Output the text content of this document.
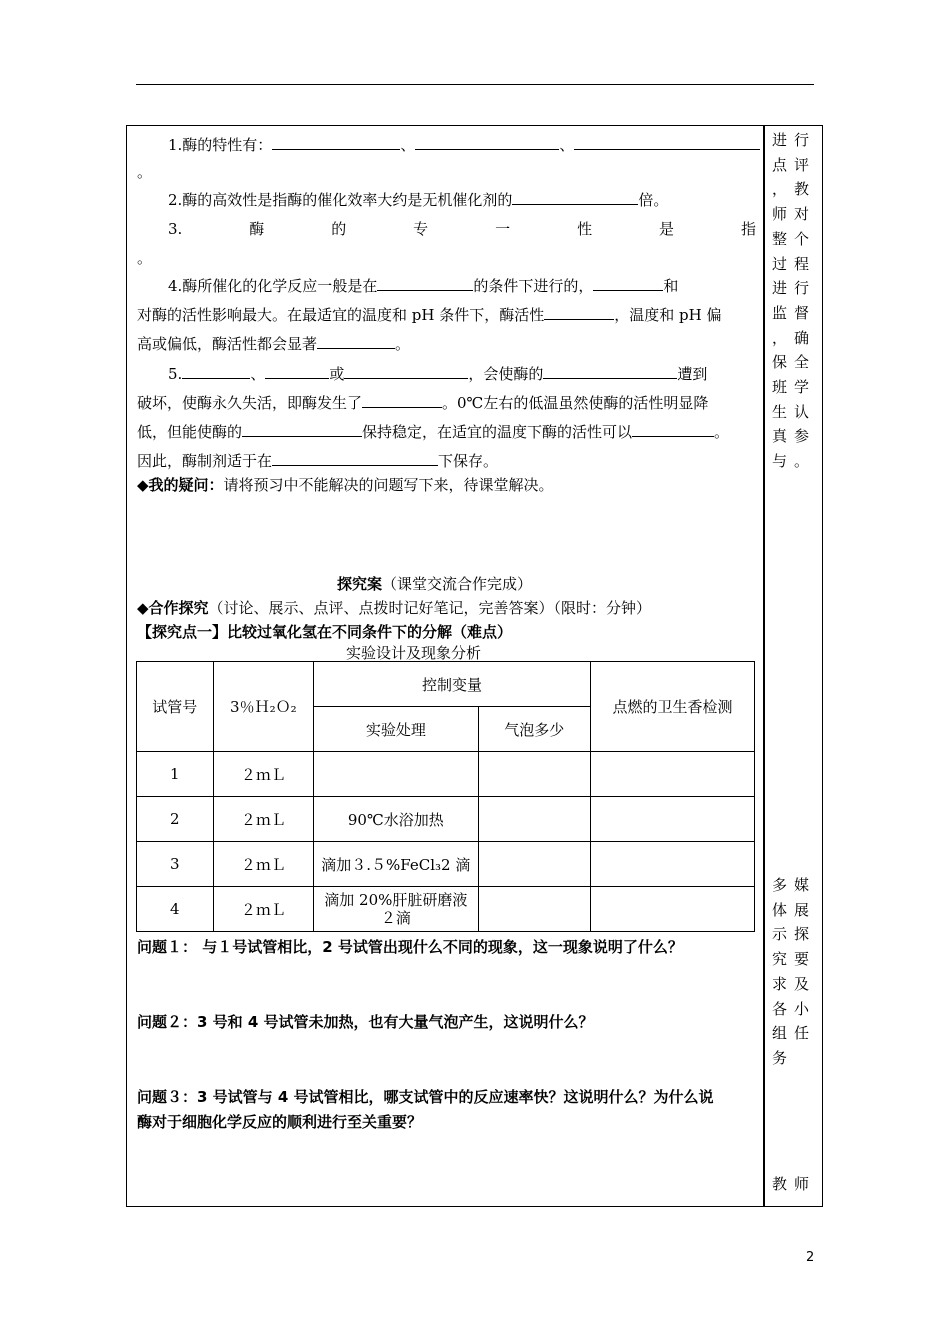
1.酶的特性有：	、	、
。
2.酶的高效性是指酶的催化效率大约是无机催化剂的	倍。
3.	酶	的	专	一	性	是	指
。
4.酶所催化的化学反应一般是在	的条件下进行的，	和
对酶的活性影响最大。在最适宜的温度和 pH 条件下，酶活性	，温度和 pH 偏
高或偏低，酶活性都会显著	。
5.	、	或	，会使酶的	遭到
破坏，使酶永久失活，即酶发生了	。0℃左右的低温虽然使酶的活性明显降
低，但能使酶的	保持稳定，在适宜的温度下酶的活性可以	。
因此，酶制剂适于在	下保存。
◆我的疑问：请将预习中不能解决的问题写下来，待课堂解决。
探究案（课堂交流合作完成）
◆合作探究（讨论、展示、点评、点拨时记好笔记，完善答案）（限时：分钟）
【探究点一】比较过氧化氢在不同条件下的分解（难点）
实验设计及现象分析
试管号	3％Ｈ₂Ｏ₂	控制变量		点燃的卫生香检测
		实验处理	气泡多少	
1	２ｍＬ			
2	２ｍＬ	90℃水浴加热		
3	２ｍＬ	滴加３.５%FeCl₃2 滴		
4	２ｍＬ	滴加 20%肝脏研磨液２滴		
问题１： 与１号试管相比，2 号试管出现什么不同的现象，这一现象说明了什么？
问题２：3 号和 4 号试管未加热，也有大量气泡产生，这说明什么？
问题３：3 号试管与 4 号试管相比，哪支试管中的反应速率快？这说明什么？为什么说
酶对于细胞化学反应的顺利进行至关重要？
进 行
点 评
， 教
师 对
整 个
过 程
进 行
监 督
， 确
保 全
班 学
生 认
真 参
与 。
多 媒
体 展
示 探
究 要
求 及
各 小
组 任
务
教 师
2
